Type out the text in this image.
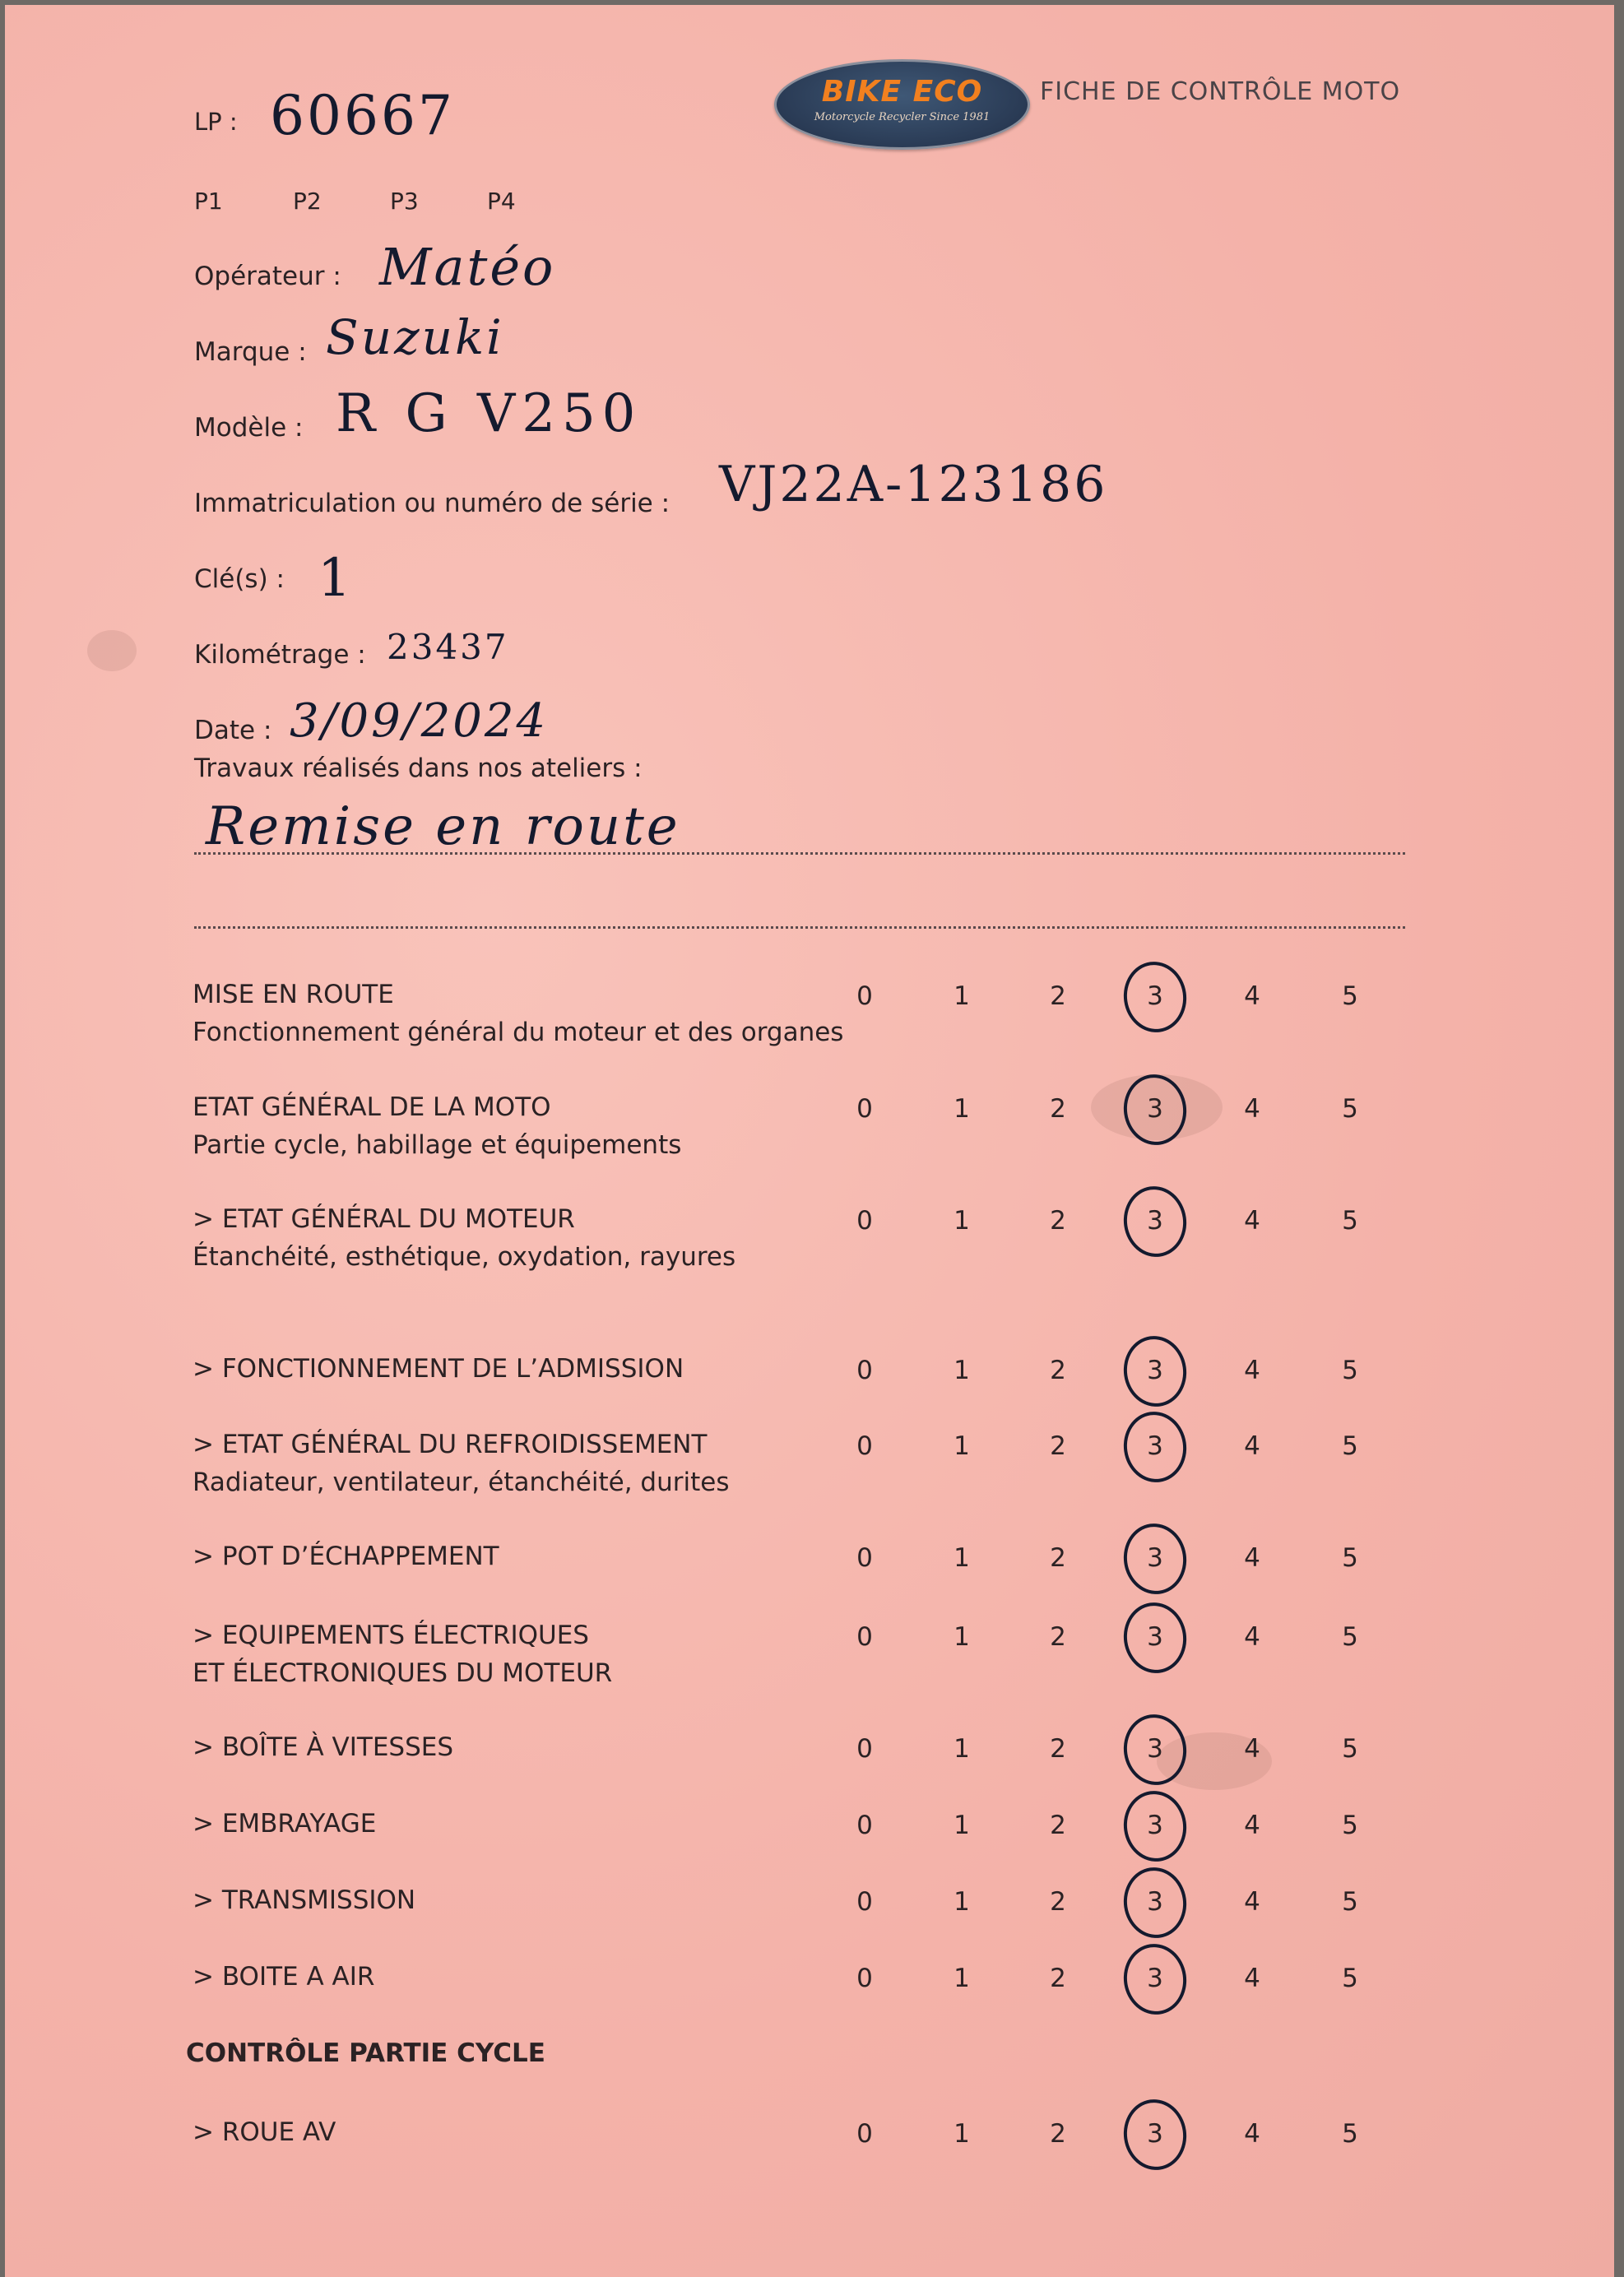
LP : 60667	BIKE ECO
Motorcycle Recycler Since 1981
FICHE DE CONTRÔLE MOTO
P1	P2	P3	P4
Opérateur : Matéo
Marque : Suzuki
Modèle : R G V250
Immatriculation ou numéro de série : VJ22A-123186
Clé(s) : 1
Kilométrage : 23437
Date : 3/09/2024
Travaux réalisés dans nos ateliers :
Remise en route
MISE EN ROUTE
Fonctionnement général du moteur et des organes
0	1	2	3	4	5
ETAT GÉNÉRAL DE LA MOTO
Partie cycle, habillage et équipements
0	1	2	3	4	5
> ETAT GÉNÉRAL DU MOTEUR
Étanchéité, esthétique, oxydation, rayures
0	1	2	3	4	5
> FONCTIONNEMENT DE L’ADMISSION	0	1	2	3	4	5
> ETAT GÉNÉRAL DU REFROIDISSEMENT
Radiateur, ventilateur, étanchéité, durites
0	1	2	3	4	5
> POT D’ÉCHAPPEMENT	0	1	2	3	4	5
> EQUIPEMENTS ÉLECTRIQUES
ET ÉLECTRONIQUES DU MOTEUR
0	1	2	3	4	5
> BOÎTE À VITESSES	0	1	2	3	4	5
> EMBRAYAGE	0	1	2	3	4	5
> TRANSMISSION	0	1	2	3	4	5
> BOITE A AIR	0	1	2	3	4	5
CONTRÔLE PARTIE CYCLE
> ROUE AV	0	1	2	3	4	5
